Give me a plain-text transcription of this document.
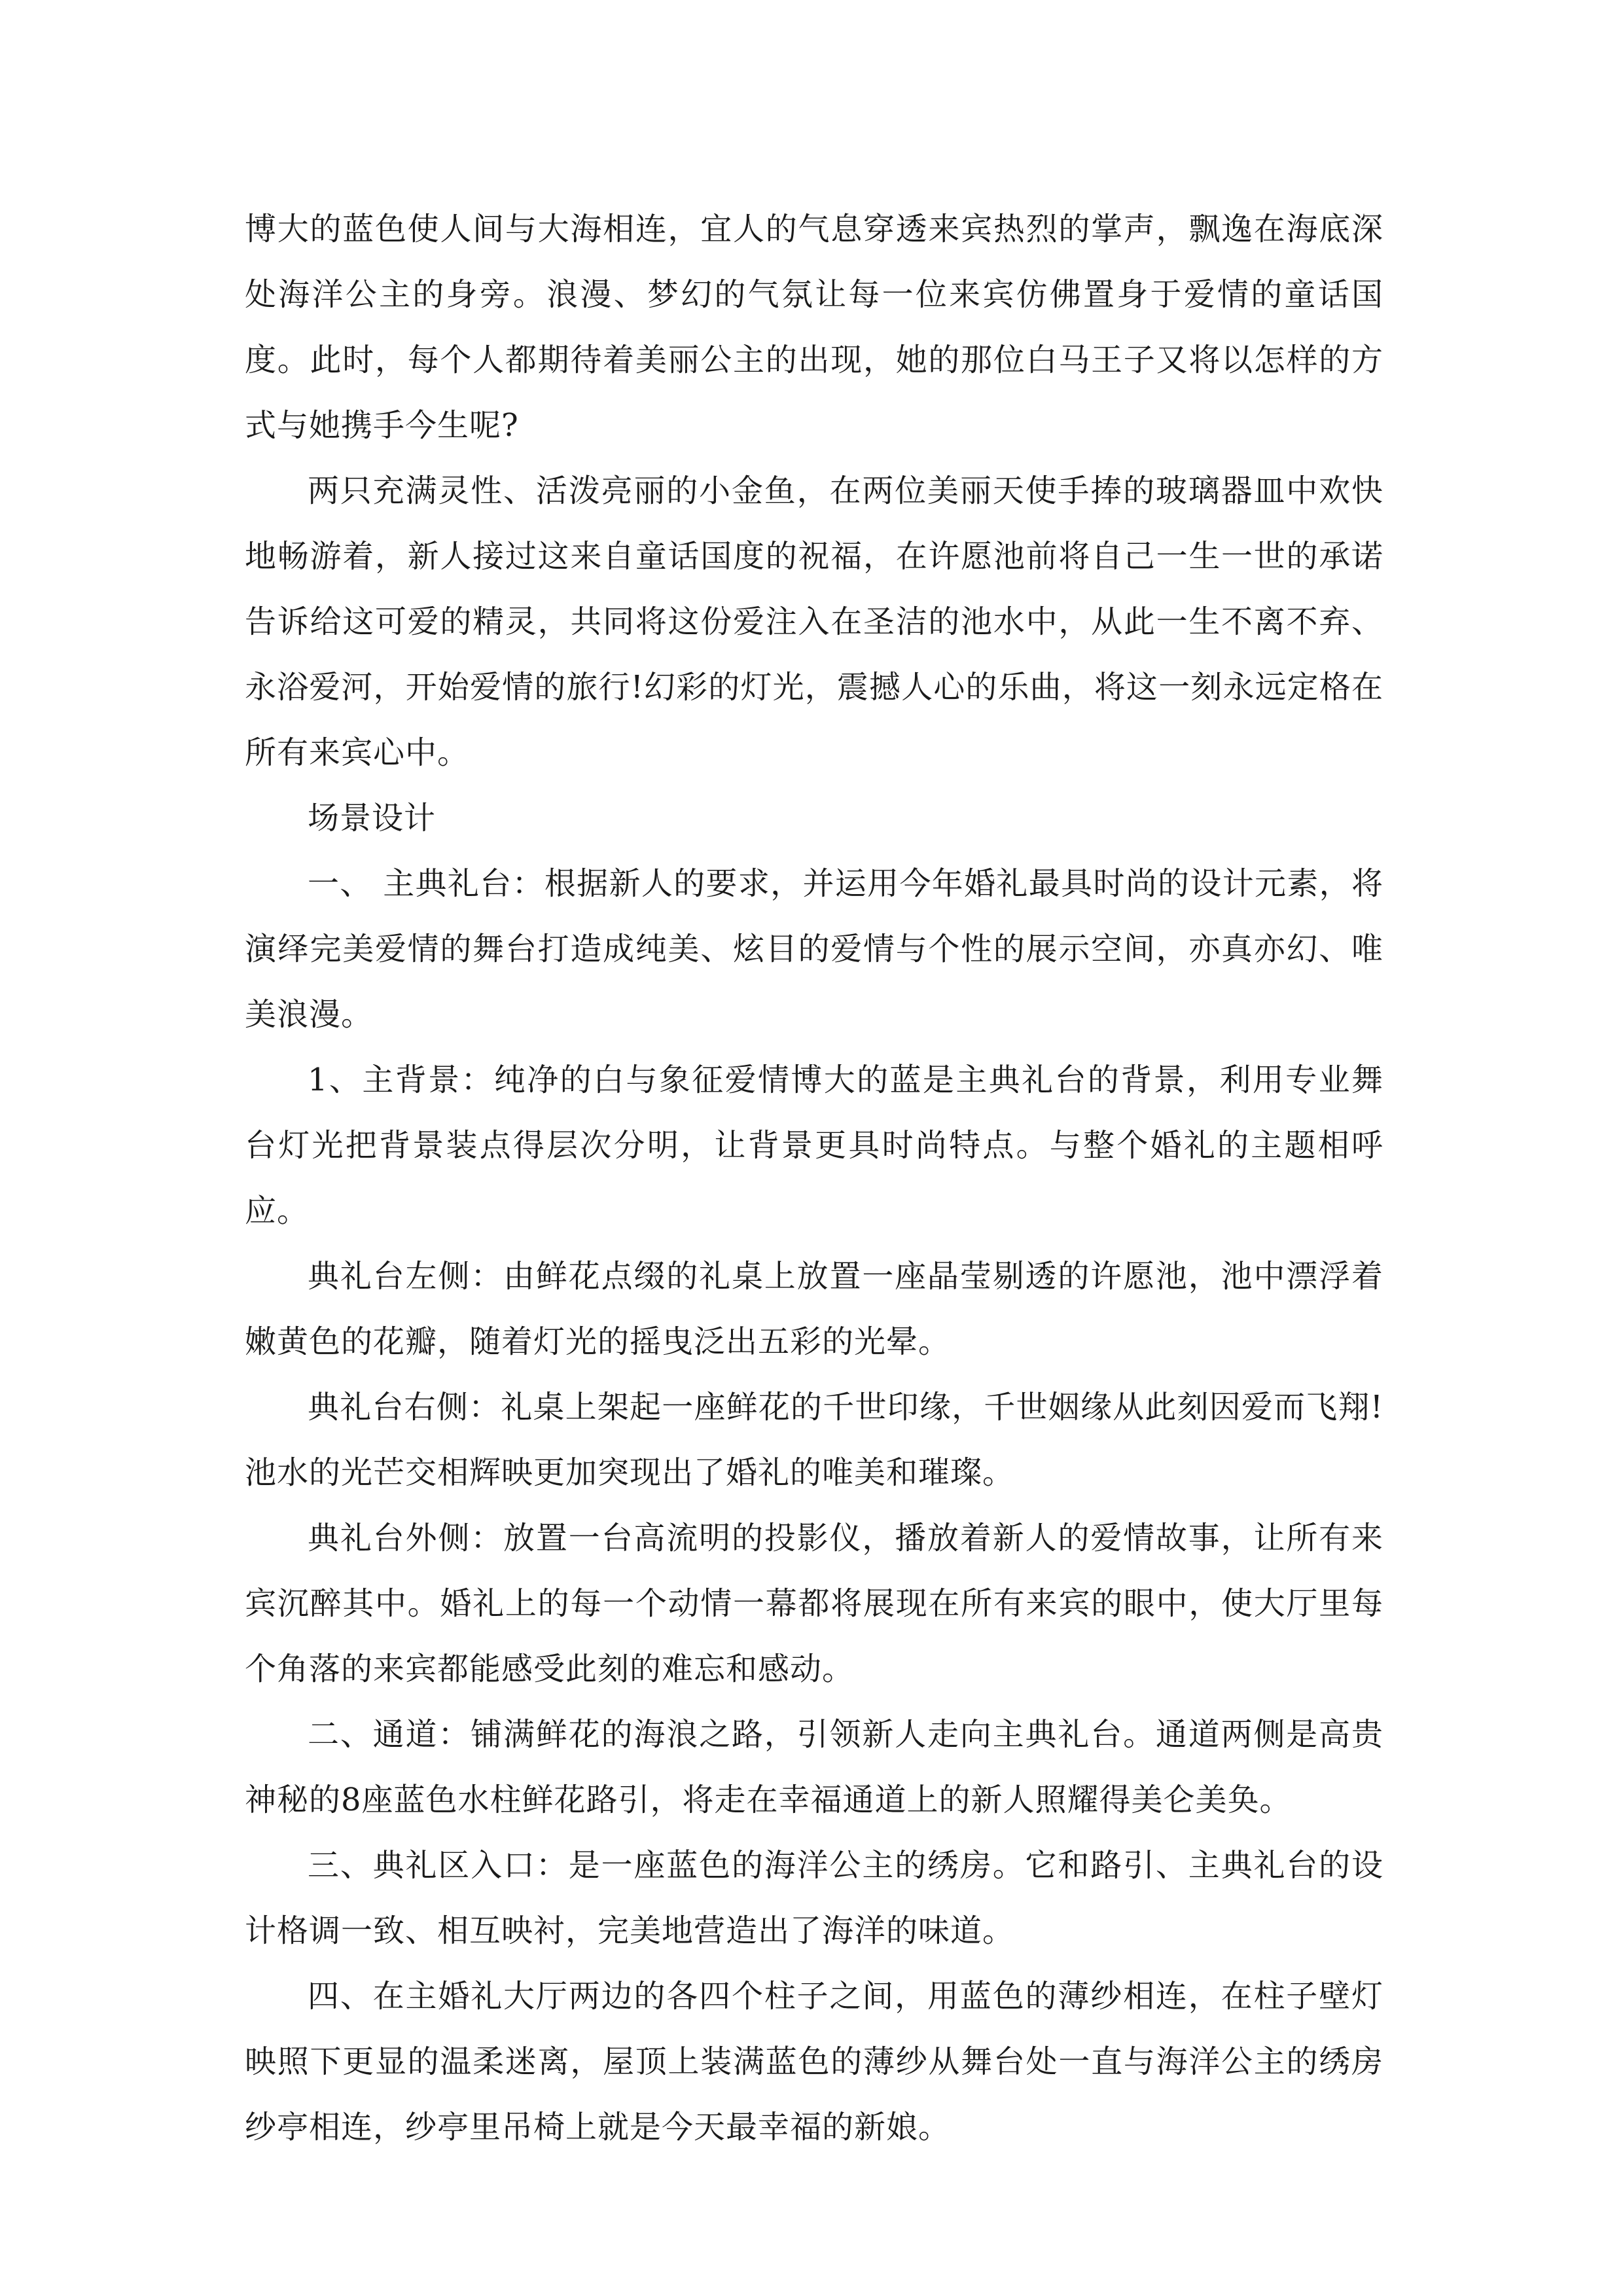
博大的蓝色使人间与大海相连，宜人的气息穿透来宾热烈的掌声，飘逸在海底深处海洋公主的身旁。浪漫、梦幻的气氛让每一位来宾仿佛置身于爱情的童话国度。此时，每个人都期待着美丽公主的出现，她的那位白马王子又将以怎样的方式与她携手今生呢?

两只充满灵性、活泼亮丽的小金鱼，在两位美丽天使手捧的玻璃器皿中欢快地畅游着，新人接过这来自童话国度的祝福，在许愿池前将自己一生一世的承诺告诉给这可爱的精灵，共同将这份爱注入在圣洁的池水中，从此一生不离不弃、永浴爱河，开始爱情的旅行!幻彩的灯光，震撼人心的乐曲，将这一刻永远定格在所有来宾心中。

场景设计

一、 主典礼台：根据新人的要求，并运用今年婚礼最具时尚的设计元素，将演绎完美爱情的舞台打造成纯美、炫目的爱情与个性的展示空间，亦真亦幻、唯美浪漫。

1、主背景：纯净的白与象征爱情博大的蓝是主典礼台的背景，利用专业舞台灯光把背景装点得层次分明，让背景更具时尚特点。与整个婚礼的主题相呼应。

典礼台左侧：由鲜花点缀的礼桌上放置一座晶莹剔透的许愿池，池中漂浮着嫩黄色的花瓣，随着灯光的摇曳泛出五彩的光晕。

典礼台右侧：礼桌上架起一座鲜花的千世印缘，千世姻缘从此刻因爱而飞翔!池水的光芒交相辉映更加突现出了婚礼的唯美和璀璨。

典礼台外侧：放置一台高流明的投影仪，播放着新人的爱情故事，让所有来宾沉醉其中。婚礼上的每一个动情一幕都将展现在所有来宾的眼中，使大厅里每个角落的来宾都能感受此刻的难忘和感动。

二、通道：铺满鲜花的海浪之路，引领新人走向主典礼台。通道两侧是高贵神秘的8座蓝色水柱鲜花路引，将走在幸福通道上的新人照耀得美仑美奂。

三、典礼区入口：是一座蓝色的海洋公主的绣房。它和路引、主典礼台的设计格调一致、相互映衬，完美地营造出了海洋的味道。

四、在主婚礼大厅两边的各四个柱子之间，用蓝色的薄纱相连，在柱子壁灯映照下更显的温柔迷离，屋顶上装满蓝色的薄纱从舞台处一直与海洋公主的绣房纱亭相连，纱亭里吊椅上就是今天最幸福的新娘。
